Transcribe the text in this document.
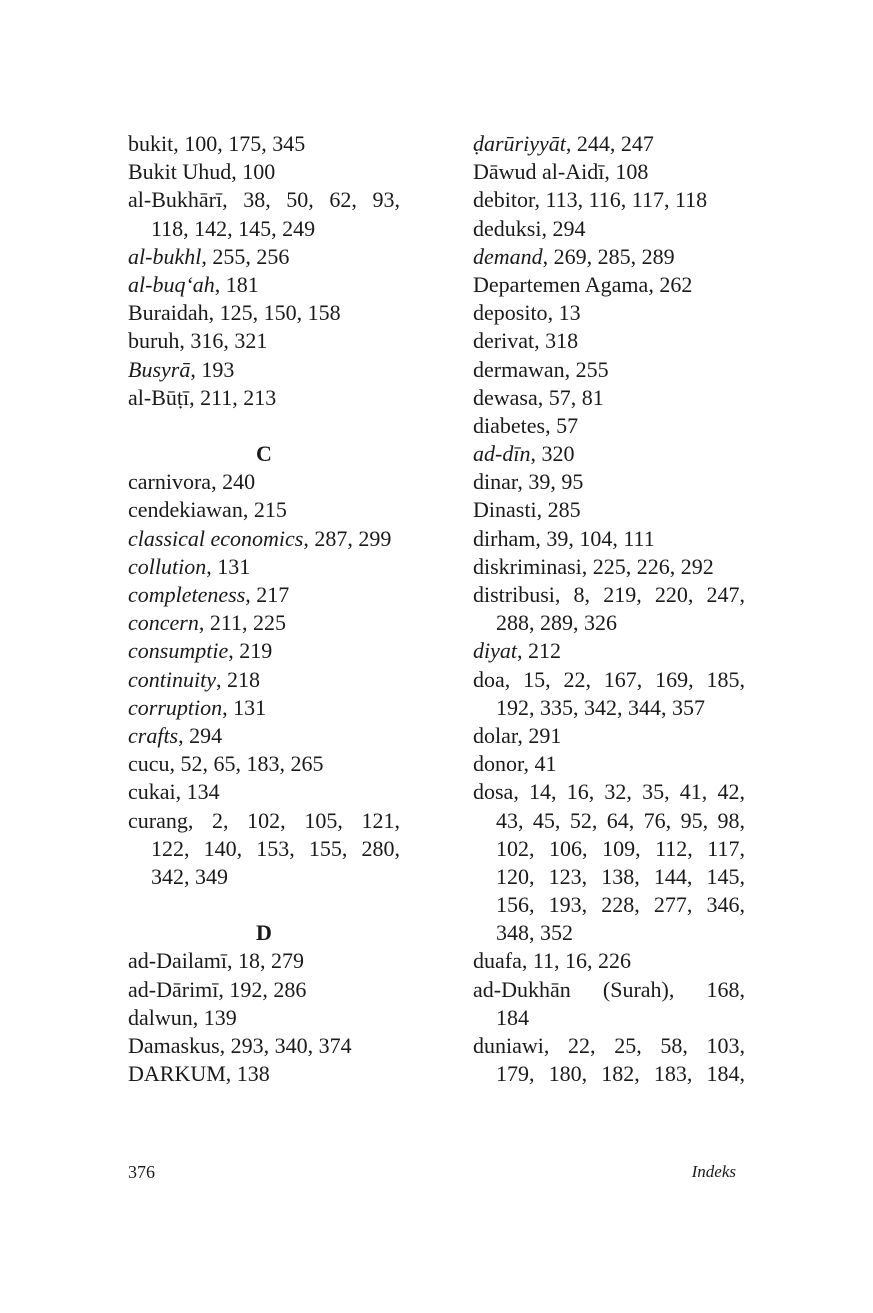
bukit, 100, 175, 345
Bukit Uhud, 100
al-Bukhārī, 38, 50, 62, 93,
118, 142, 145, 249
al-bukhl, 255, 256
al-buq‘ah, 181
Buraidah, 125, 150, 158
buruh, 316, 321
Busyrā, 193
al-Būṭī, 211, 213
C
carnivora, 240
cendekiawan, 215
classical economics, 287, 299
collution, 131
completeness, 217
concern, 211, 225
consumptie, 219
continuity, 218
corruption, 131
crafts, 294
cucu, 52, 65, 183, 265
cukai, 134
curang, 2, 102, 105, 121,
122, 140, 153, 155, 280,
342, 349
D
ad-Dailamī, 18, 279
ad-Dārimī, 192, 286
dalwun, 139
Damaskus, 293, 340, 374
DARKUM, 138
ḍarūriyyāt, 244, 247
Dāwud al-Aidī, 108
debitor, 113, 116, 117, 118
deduksi, 294
demand, 269, 285, 289
Departemen Agama, 262
deposito, 13
derivat, 318
dermawan, 255
dewasa, 57, 81
diabetes, 57
ad-dīn, 320
dinar, 39, 95
Dinasti, 285
dirham, 39, 104, 111
diskriminasi, 225, 226, 292
distribusi, 8, 219, 220, 247,
288, 289, 326
diyat, 212
doa, 15, 22, 167, 169, 185,
192, 335, 342, 344, 357
dolar, 291
donor, 41
dosa, 14, 16, 32, 35, 41, 42,
43, 45, 52, 64, 76, 95, 98,
102, 106, 109, 112, 117,
120, 123, 138, 144, 145,
156, 193, 228, 277, 346,
348, 352
duafa, 11, 16, 226
ad-Dukhān (Surah), 168,
184
duniawi, 22, 25, 58, 103,
179, 180, 182, 183, 184,
376	Indeks
